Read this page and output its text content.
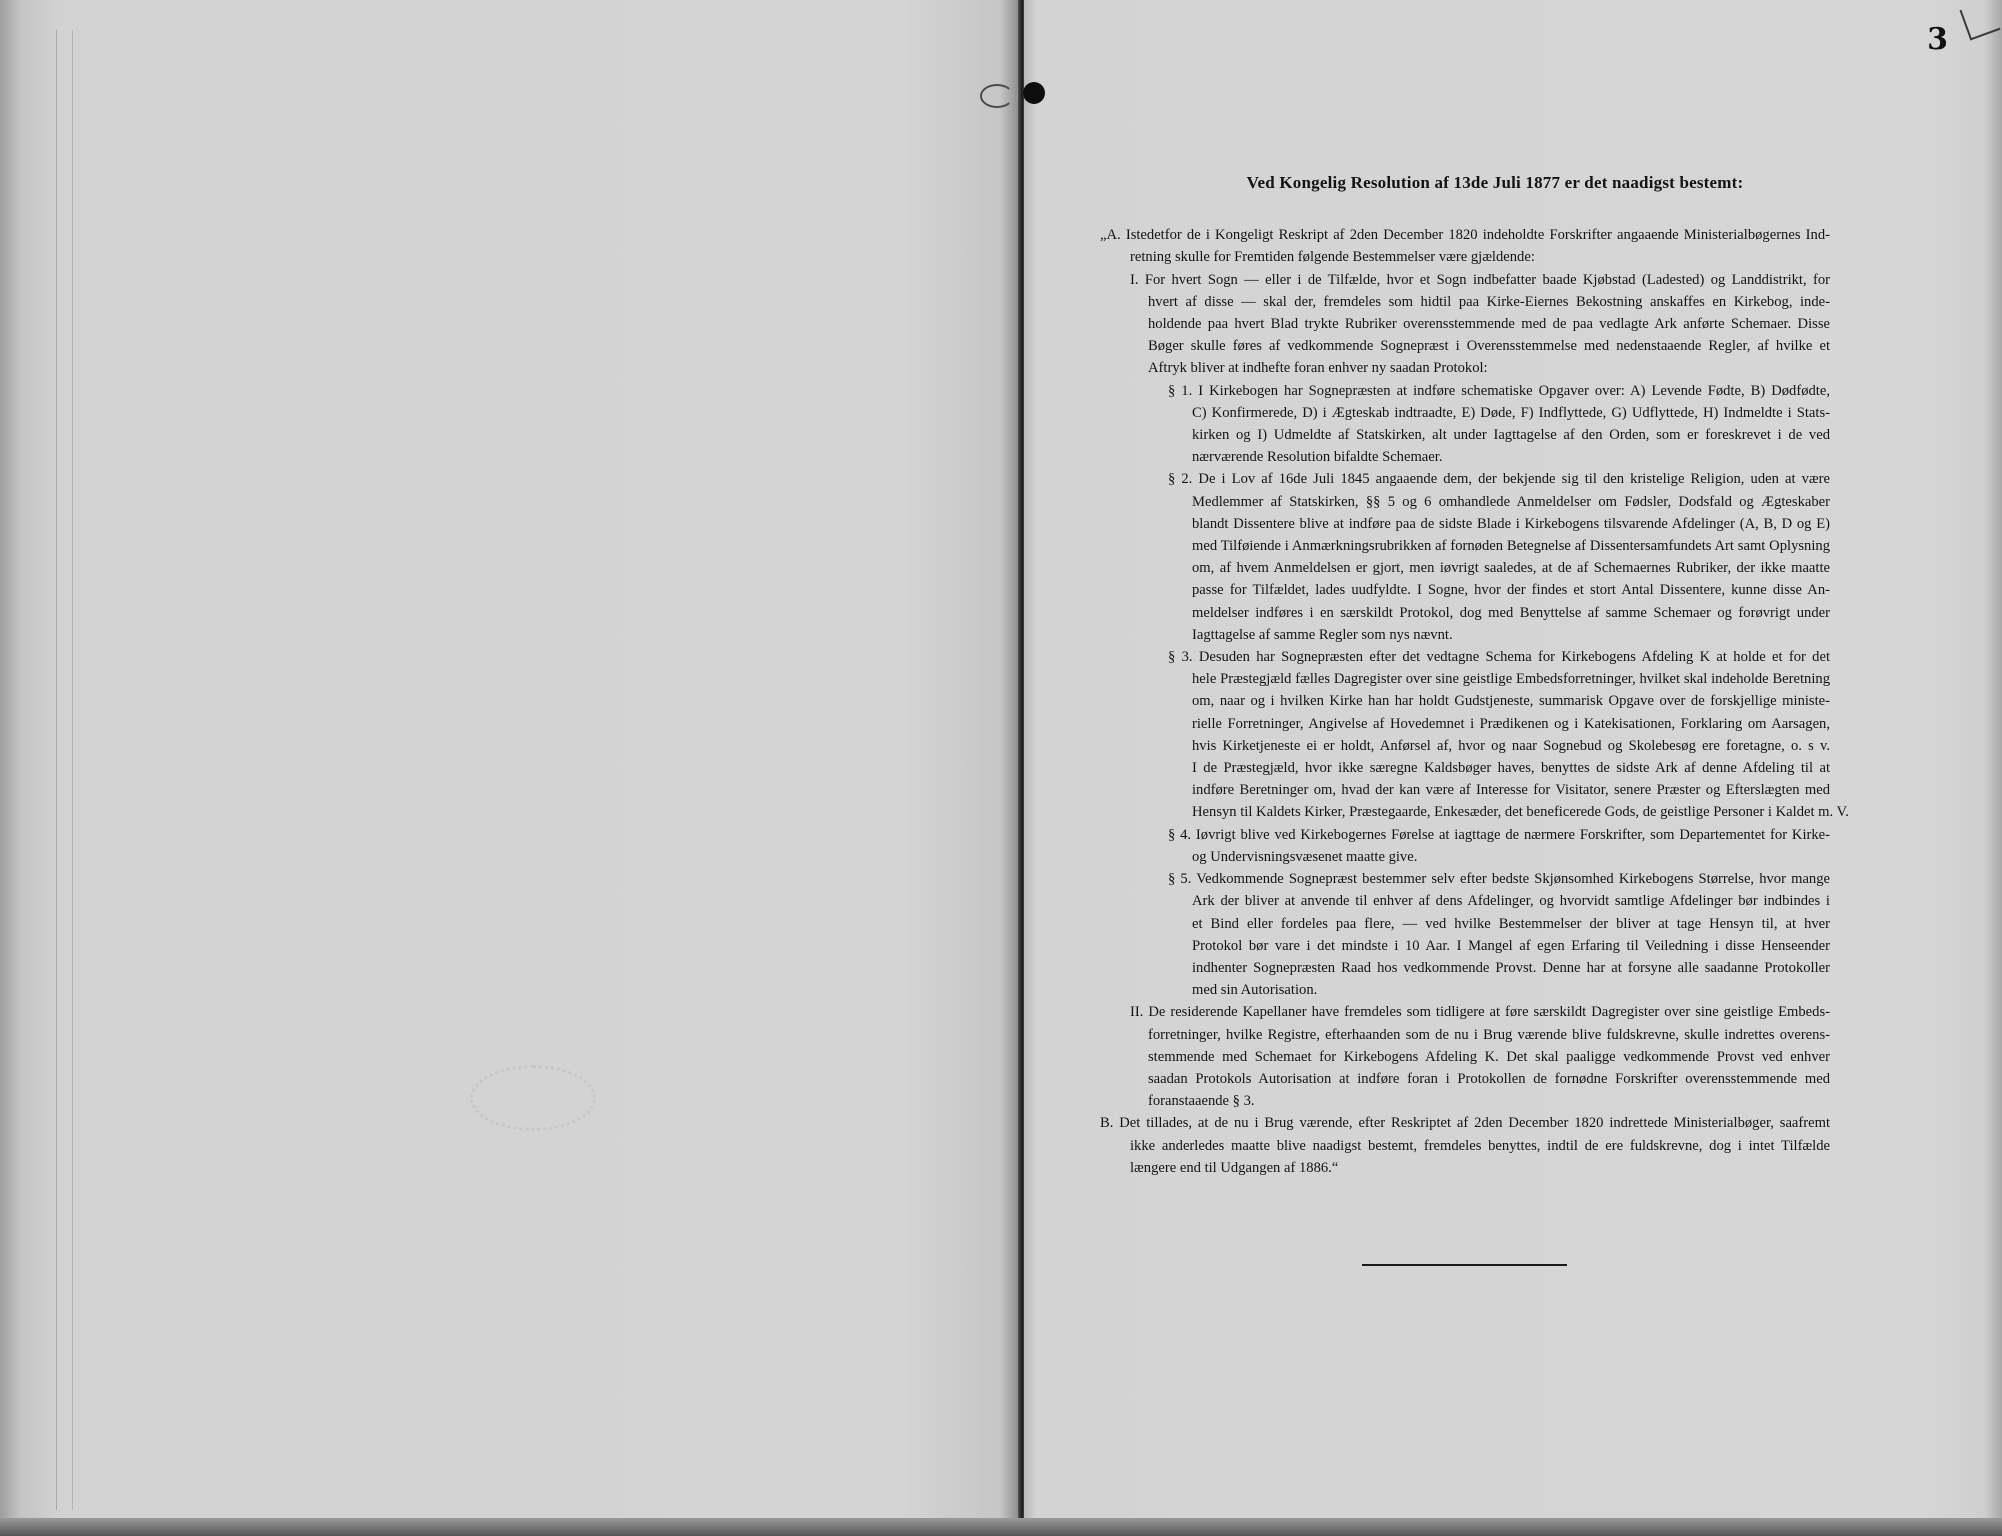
3
Ved Kongelig Resolution af 13de Juli 1877 er det naadigst bestemt:

„A. Istedetfor de i Kongeligt Reskript af 2den December 1820 indeholdte Forskrifter angaaende Ministerialbøgernes Ind-

retning skulle for Fremtiden følgende Bestemmelser være gjældende:

I. For hvert Sogn — eller i de Tilfælde, hvor et Sogn indbefatter baade Kjøbstad (Ladested) og Landdistrikt, for

hvert af disse — skal der, fremdeles som hidtil paa Kirke-Eiernes Bekostning anskaffes en Kirkebog, inde-

holdende paa hvert Blad trykte Rubriker overensstemmende med de paa vedlagte Ark anførte Schemaer. Disse

Bøger skulle føres af vedkommende Sognepræst i Overensstemmelse med nedenstaaende Regler, af hvilke et

Aftryk bliver at indhefte foran enhver ny saadan Protokol:

§ 1. I Kirkebogen har Sognepræsten at indføre schematiske Opgaver over: A) Levende Fødte, B) Dødfødte,

C) Konfirmerede, D) i Ægteskab indtraadte, E) Døde, F) Indflyttede, G) Udflyttede, H) Indmeldte i Stats-

kirken og I) Udmeldte af Statskirken, alt under Iagttagelse af den Orden, som er foreskrevet i de ved

nærværende Resolution bifaldte Schemaer.

§ 2. De i Lov af 16de Juli 1845 angaaende dem, der bekjende sig til den kristelige Religion, uden at være

Medlemmer af Statskirken, §§ 5 og 6 omhandlede Anmeldelser om Fødsler, Dodsfald og Ægteskaber

blandt Dissentere blive at indføre paa de sidste Blade i Kirkebogens tilsvarende Afdelinger (A, B, D og E)

med Tilføiende i Anmærkningsrubrikken af fornøden Betegnelse af Dissentersamfundets Art samt Oplysning

om, af hvem Anmeldelsen er gjort, men iøvrigt saaledes, at de af Schemaernes Rubriker, der ikke maatte

passe for Tilfældet, lades uudfyldte. I Sogne, hvor der findes et stort Antal Dissentere, kunne disse An-

meldelser indføres i en særskildt Protokol, dog med Benyttelse af samme Schemaer og forøvrigt under

Iagttagelse af samme Regler som nys nævnt.

§ 3. Desuden har Sognepræsten efter det vedtagne Schema for Kirkebogens Afdeling K at holde et for det

hele Præstegjæld fælles Dagregister over sine geistlige Embedsforretninger, hvilket skal indeholde Beretning

om, naar og i hvilken Kirke han har holdt Gudstjeneste, summarisk Opgave over de forskjellige ministe-

rielle Forretninger, Angivelse af Hovedemnet i Prædikenen og i Katekisationen, Forklaring om Aarsagen,

hvis Kirketjeneste ei er holdt, Anførsel af, hvor og naar Sognebud og Skolebesøg ere foretagne, o. s v.

I de Præstegjæld, hvor ikke særegne Kaldsbøger haves, benyttes de sidste Ark af denne Afdeling til at

indføre Beretninger om, hvad der kan være af Interesse for Visitator, senere Præster og Efterslægten med

Hensyn til Kaldets Kirker, Præstegaarde, Enkesæder, det beneficerede Gods, de geistlige Personer i Kaldet m. V.

§ 4. Iøvrigt blive ved Kirkebogernes Førelse at iagttage de nærmere Forskrifter, som Departementet for Kirke-

og Undervisningsvæsenet maatte give.

§ 5. Vedkommende Sognepræst bestemmer selv efter bedste Skjønsomhed Kirkebogens Størrelse, hvor mange

Ark der bliver at anvende til enhver af dens Afdelinger, og hvorvidt samtlige Afdelinger bør indbindes i

et Bind eller fordeles paa flere, — ved hvilke Bestemmelser der bliver at tage Hensyn til, at hver

Protokol bør vare i det mindste i 10 Aar. I Mangel af egen Erfaring til Veiledning i disse Henseender

indhenter Sognepræsten Raad hos vedkommende Provst. Denne har at forsyne alle saadanne Protokoller

med sin Autorisation.

II. De residerende Kapellaner have fremdeles som tidligere at føre særskildt Dagregister over sine geistlige Embeds-

forretninger, hvilke Registre, efterhaanden som de nu i Brug værende blive fuldskrevne, skulle indrettes overens-

stemmende med Schemaet for Kirkebogens Afdeling K. Det skal paaligge vedkommende Provst ved enhver

saadan Protokols Autorisation at indføre foran i Protokollen de fornødne Forskrifter overensstemmende med

foranstaaende § 3.

B. Det tillades, at de nu i Brug værende, efter Reskriptet af 2den December 1820 indrettede Ministerialbøger, saafremt

ikke anderledes maatte blive naadigst bestemt, fremdeles benyttes, indtil de ere fuldskrevne, dog i intet Tilfælde

længere end til Udgangen af 1886.“
